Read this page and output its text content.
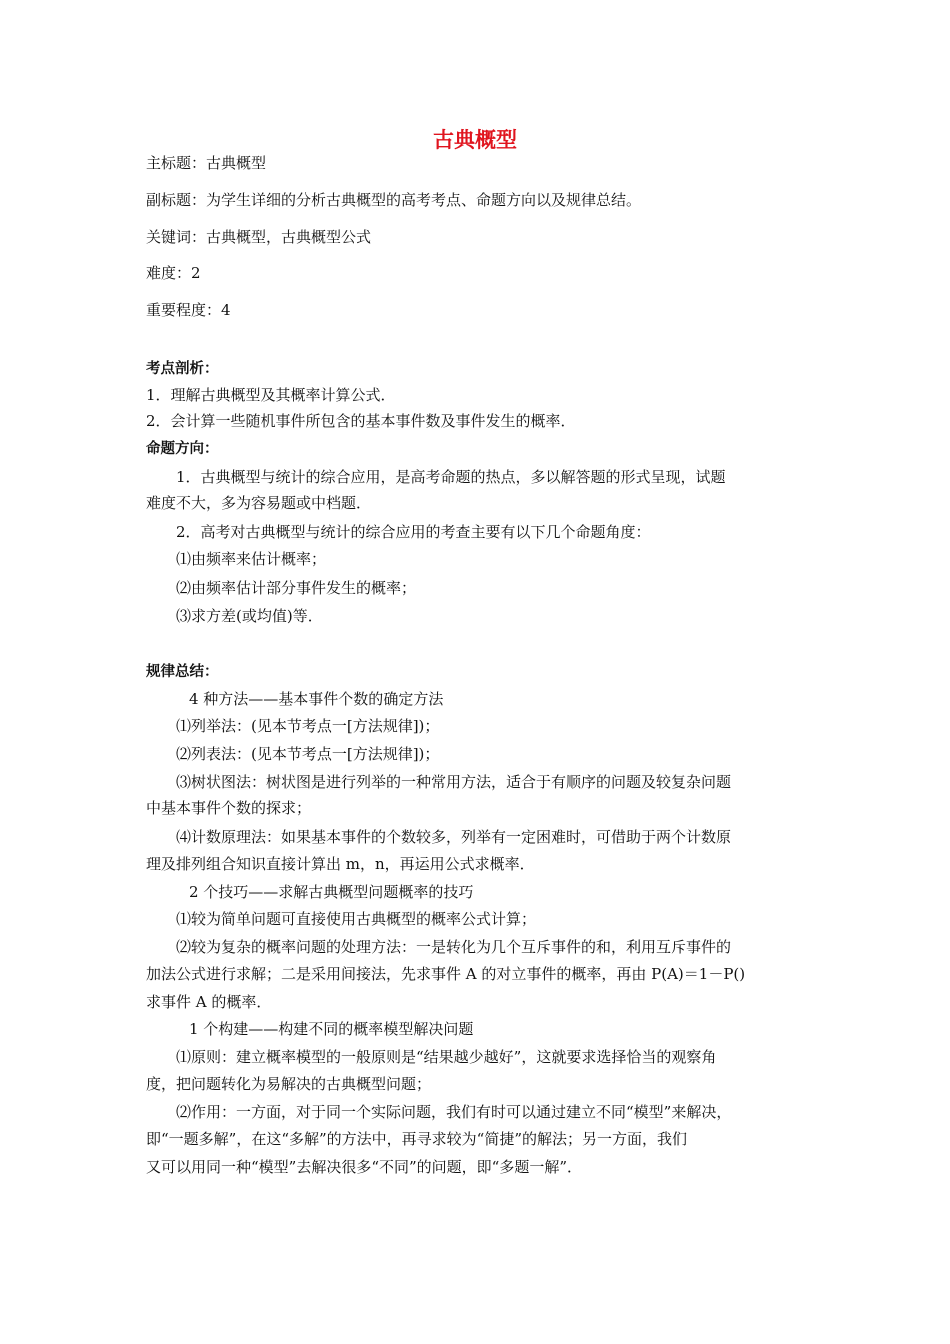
古典概型
主标题：古典概型
副标题：为学生详细的分析古典概型的高考考点、命题方向以及规律总结。
关键词：古典概型，古典概型公式
难度：2
重要程度：4
考点剖析：
1．理解古典概型及其概率计算公式．
2．会计算一些随机事件所包含的基本事件数及事件发生的概率．
命题方向：
1．古典概型与统计的综合应用，是高考命题的热点，多以解答题的形式呈现，试题
难度不大，多为容易题或中档题．
2．高考对古典概型与统计的综合应用的考查主要有以下几个命题角度：
⑴由频率来估计概率；
⑵由频率估计部分事件发生的概率；
⑶求方差(或均值)等．
规律总结：
4 种方法——基本事件个数的确定方法
⑴列举法：(见本节考点一[方法规律])；
⑵列表法：(见本节考点一[方法规律])；
⑶树状图法：树状图是进行列举的一种常用方法，适合于有顺序的问题及较复杂问题
中基本事件个数的探求；
⑷计数原理法：如果基本事件的个数较多，列举有一定困难时，可借助于两个计数原
理及排列组合知识直接计算出 m，n，再运用公式求概率．
2 个技巧——求解古典概型问题概率的技巧
⑴较为简单问题可直接使用古典概型的概率公式计算；
⑵较为复杂的概率问题的处理方法：一是转化为几个互斥事件的和，利用互斥事件的
加法公式进行求解；二是采用间接法，先求事件 A 的对立事件的概率，再由 P(A)＝1－P()
求事件 A 的概率．
1 个构建——构建不同的概率模型解决问题
⑴原则：建立概率模型的一般原则是“结果越少越好”，这就要求选择恰当的观察角
度，把问题转化为易解决的古典概型问题；
⑵作用：一方面，对于同一个实际问题，我们有时可以通过建立不同“模型”来解决，
即“一题多解”，在这“多解”的方法中，再寻求较为“简捷”的解法；另一方面，我们
又可以用同一种“模型”去解决很多“不同”的问题，即“多题一解”．
